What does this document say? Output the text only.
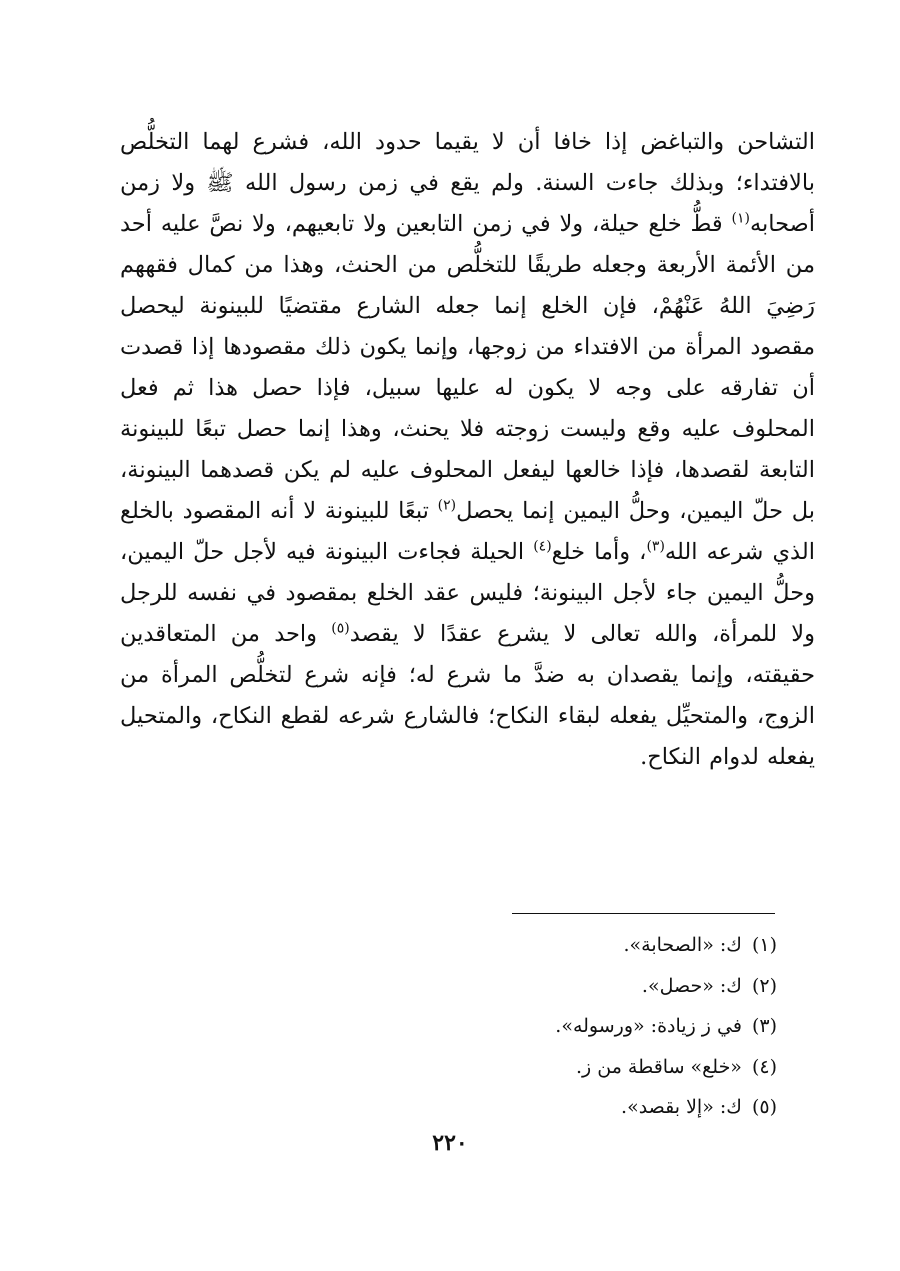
التشاحن والتباغض إذا خافا أن لا يقيما حدود الله، فشرع لهما التخلُّص بالافتداء؛ وبذلك جاءت السنة. ولم يقع في زمن رسول الله ﷺ ولا زمن أصحابه$^{(١)}$ قطُّ خلع حيلة، ولا في زمن التابعين ولا تابعيهم، ولا نصَّ عليه أحد من الأئمة الأربعة وجعله طريقًا للتخلُّص من الحنث، وهذا من كمال فقههم رَضِيَ اللهُ عَنْهُمْ، فإن الخلع إنما جعله الشارع مقتضيًا للبينونة ليحصل مقصود المرأة من الافتداء من زوجها، وإنما يكون ذلك مقصودها إذا قصدت أن تفارقه على وجه لا يكون له عليها سبيل، فإذا حصل هذا ثم فعل المحلوف عليه وقع وليست زوجته فلا يحنث، وهذا إنما حصل تبعًا للبينونة التابعة لقصدها، فإذا خالعها ليفعل المحلوف عليه لم يكن قصدهما البينونة، بل حلّ اليمين، وحلُّ اليمين إنما يحصل$^{(٢)}$ تبعًا للبينونة لا أنه المقصود بالخلع الذي شرعه الله$^{(٣)}$، وأما خلع$^{(٤)}$ الحيلة فجاءت البينونة فيه لأجل حلّ اليمين، وحلُّ اليمين جاء لأجل البينونة؛ فليس عقد الخلع بمقصود في نفسه للرجل ولا للمرأة، والله تعالى لا يشرع عقدًا لا يقصد$^{(٥)}$ واحد من المتعاقدين حقيقته، وإنما يقصدان به ضدَّ ما شرع له؛ فإنه شرع لتخلُّص المرأة من الزوج، والمتحيِّل يفعله لبقاء النكاح؛ فالشارع شرعه لقطع النكاح، والمتحيل يفعله لدوام النكاح.

(١)ك: «الصحابة».
(٢)ك: «حصل».
(٣)في ز زيادة: «ورسوله».
(٤)«خلع» ساقطة من ز.
(٥)ك: «إلا بقصد».
٢٢٠
